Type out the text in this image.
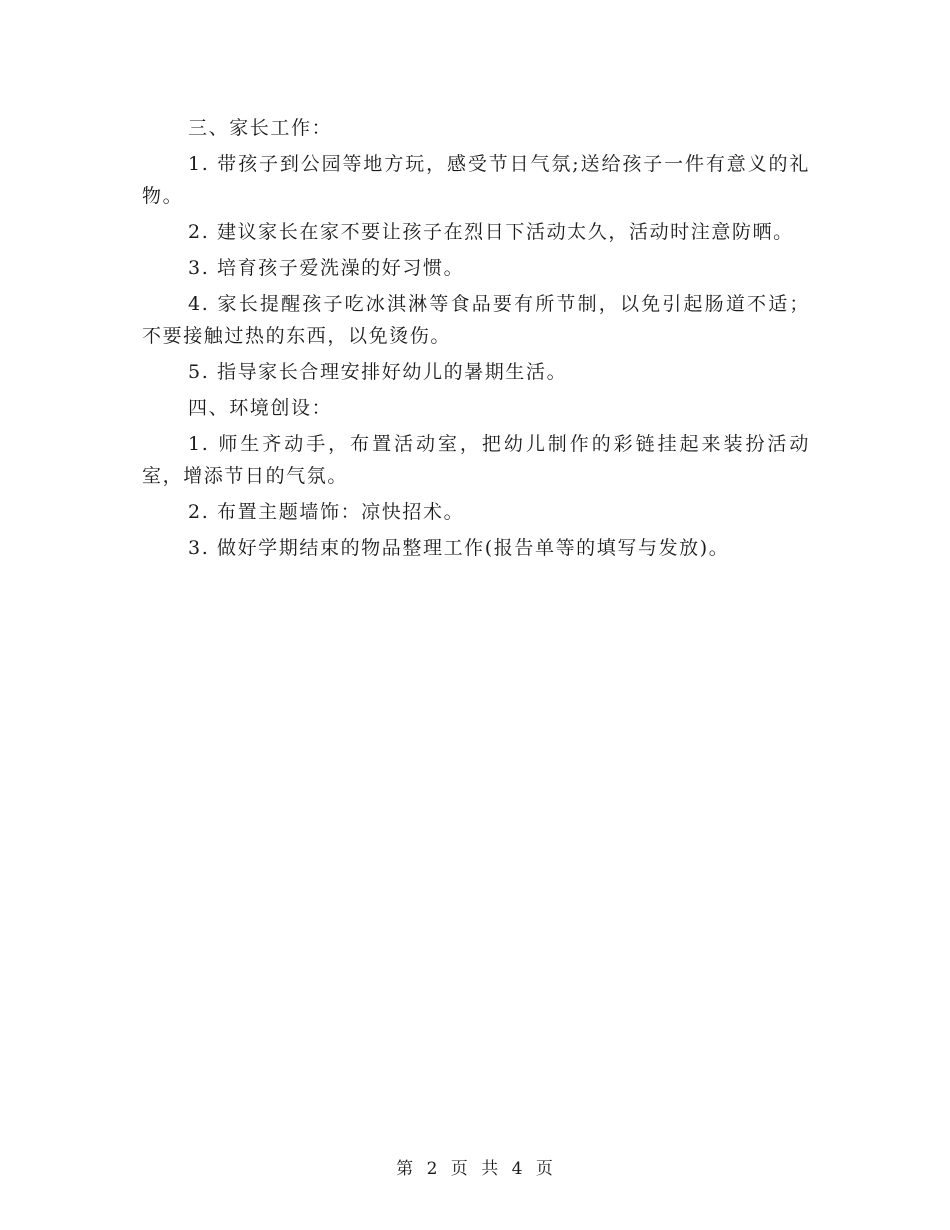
三、家长工作：

1. 带孩子到公园等地方玩，感受节日气氛;送给孩子一件有意义的礼物。

2. 建议家长在家不要让孩子在烈日下活动太久，活动时注意防晒。

3. 培育孩子爱洗澡的好习惯。

4. 家长提醒孩子吃冰淇淋等食品要有所节制，以免引起肠道不适；不要接触过热的东西，以免烫伤。

5. 指导家长合理安排好幼儿的暑期生活。

四、环境创设：

1. 师生齐动手，布置活动室，把幼儿制作的彩链挂起来装扮活动室，增添节日的气氛。

2. 布置主题墙饰：凉快招术。

3. 做好学期结束的物品整理工作(报告单等的填写与发放)。

第 2 页 共 4 页
